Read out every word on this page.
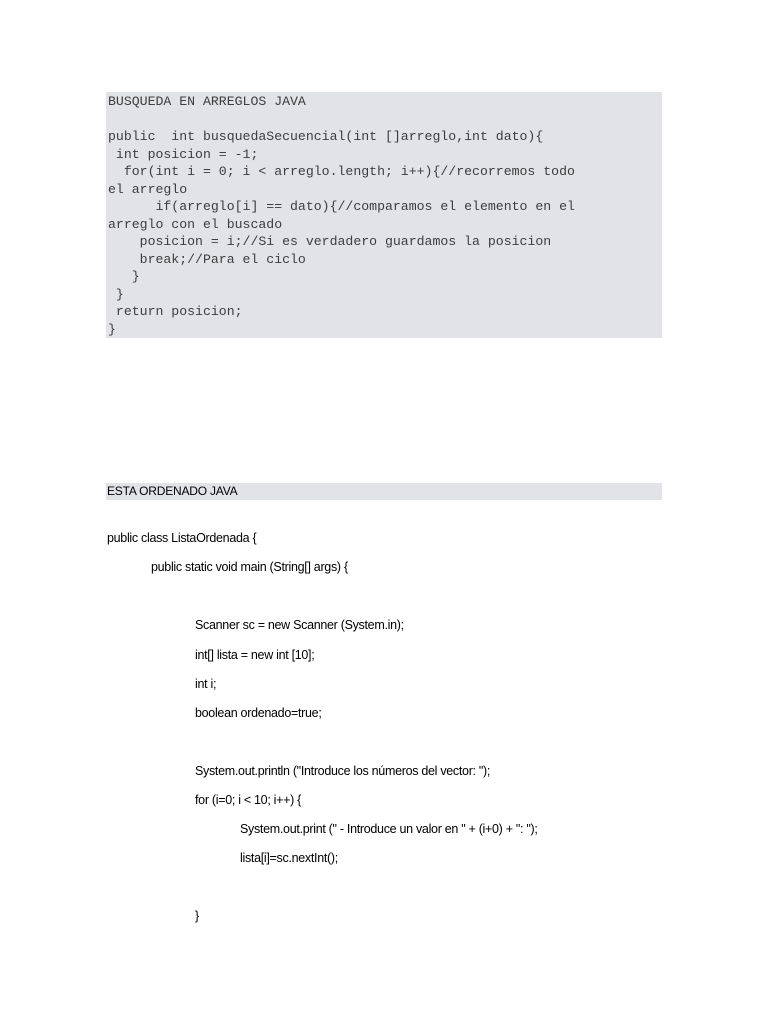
BUSQUEDA EN ARREGLOS JAVA
public  int busquedaSecuencial(int []arreglo,int dato){
int posicion = -1;
for(int i = 0; i < arreglo.length; i++){//recorremos todo
el arreglo
if(arreglo[i] == dato){//comparamos el elemento en el
arreglo con el buscado
posicion = i;//Si es verdadero guardamos la posicion
break;//Para el ciclo
}
}
return posicion;
}
ESTA ORDENADO JAVA
public class ListaOrdenada {
public static void main (String[] args) {
Scanner sc = new Scanner (System.in);
int[] lista = new int [10];
int i;
boolean ordenado=true;
System.out.println ("Introduce los números del vector: ");
for (i=0; i < 10; i++) {
System.out.print (" - Introduce un valor en " + (i+0) + ": ");
lista[i]=sc.nextInt();
}
